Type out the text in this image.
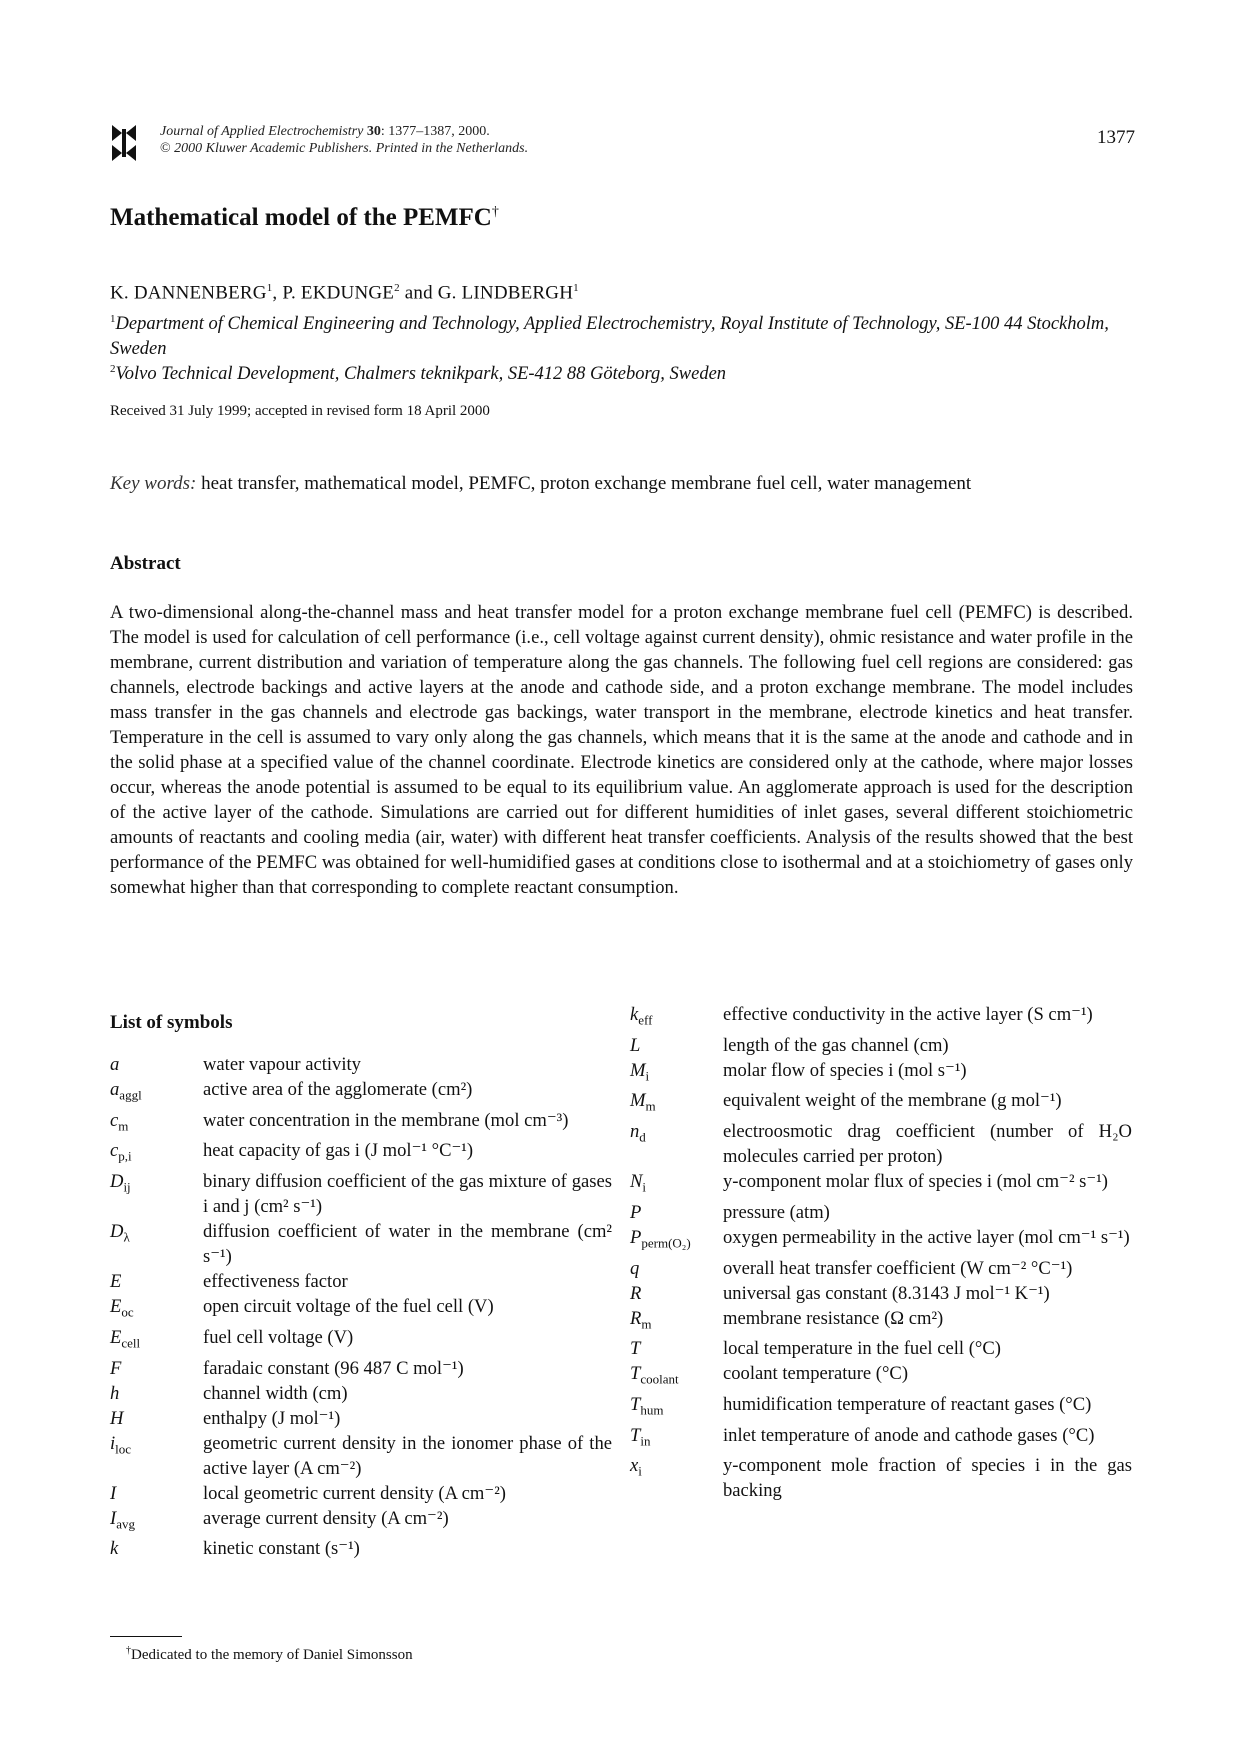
Journal of Applied Electrochemistry 30: 1377–1387, 2000.
© 2000 Kluwer Academic Publishers. Printed in the Netherlands.
1377
Mathematical model of the PEMFC†
K. DANNENBERG$^1$, P. EKDUNGE$^2$ and G. LINDBERGH$^1$
$^1$Department of Chemical Engineering and Technology, Applied Electrochemistry, Royal Institute of Technology, SE-100 44 Stockholm, Sweden
$^2$Volvo Technical Development, Chalmers teknikpark, SE-412 88 Göteborg, Sweden
Received 31 July 1999; accepted in revised form 18 April 2000
Key words: heat transfer, mathematical model, PEMFC, proton exchange membrane fuel cell, water management
Abstract

A two-dimensional along-the-channel mass and heat transfer model for a proton exchange membrane fuel cell (PEMFC) is described. The model is used for calculation of cell performance (i.e., cell voltage against current density), ohmic resistance and water profile in the membrane, current distribution and variation of temperature along the gas channels. The following fuel cell regions are considered: gas channels, electrode backings and active layers at the anode and cathode side, and a proton exchange membrane. The model includes mass transfer in the gas channels and electrode gas backings, water transport in the membrane, electrode kinetics and heat transfer. Temperature in the cell is assumed to vary only along the gas channels, which means that it is the same at the anode and cathode and in the solid phase at a specified value of the channel coordinate. Electrode kinetics are considered only at the cathode, where major losses occur, whereas the anode potential is assumed to be equal to its equilibrium value. An agglomerate approach is used for the description of the active layer of the cathode. Simulations are carried out for different humidities of inlet gases, several different stoichiometric amounts of reactants and cooling media (air, water) with different heat transfer coefficients. Analysis of the results showed that the best performance of the PEMFC was obtained for well-humidified gases at conditions close to isothermal and at a stoichiometry of gases only somewhat higher than that corresponding to complete reactant consumption.

List of symbols
a	water vapour activity
$a_{aggl}$	active area of the agglomerate (cm²)
$c_m$	water concentration in the membrane (mol cm⁻³)
$c_{p,i}$	heat capacity of gas i (J mol⁻¹ °C⁻¹)
$D_{ij}$	binary diffusion coefficient of the gas mixture of gases i and j (cm² s⁻¹)
$D_\lambda$	diffusion coefficient of water in the membrane (cm² s⁻¹)
E	effectiveness factor
$E_{oc}$	open circuit voltage of the fuel cell (V)
$E_{cell}$	fuel cell voltage (V)
F	faradaic constant (96 487 C mol⁻¹)
h	channel width (cm)
H	enthalpy (J mol⁻¹)
$i_{loc}$	geometric current density in the ionomer phase of the active layer (A cm⁻²)
I	local geometric current density (A cm⁻²)
$I_{avg}$	average current density (A cm⁻²)
k	kinetic constant (s⁻¹)
$k_{eff}$	effective conductivity in the active layer (S cm⁻¹)
L	length of the gas channel (cm)
$M_i$	molar flow of species i (mol s⁻¹)
$M_m$	equivalent weight of the membrane (g mol⁻¹)
$n_d$	electroosmotic drag coefficient (number of H₂O molecules carried per proton)
$N_i$	y-component molar flux of species i (mol cm⁻² s⁻¹)
P	pressure (atm)
$P_{perm(O_2)}$	oxygen permeability in the active layer (mol cm⁻¹ s⁻¹)
q	overall heat transfer coefficient (W cm⁻² °C⁻¹)
R	universal gas constant (8.3143 J mol⁻¹ K⁻¹)
$R_m$	membrane resistance (Ω cm²)
T	local temperature in the fuel cell (°C)
$T_{coolant}$	coolant temperature (°C)
$T_{hum}$	humidification temperature of reactant gases (°C)
$T_{in}$	inlet temperature of anode and cathode gases (°C)
$x_i$	y-component mole fraction of species i in the gas backing
†Dedicated to the memory of Daniel Simonsson
